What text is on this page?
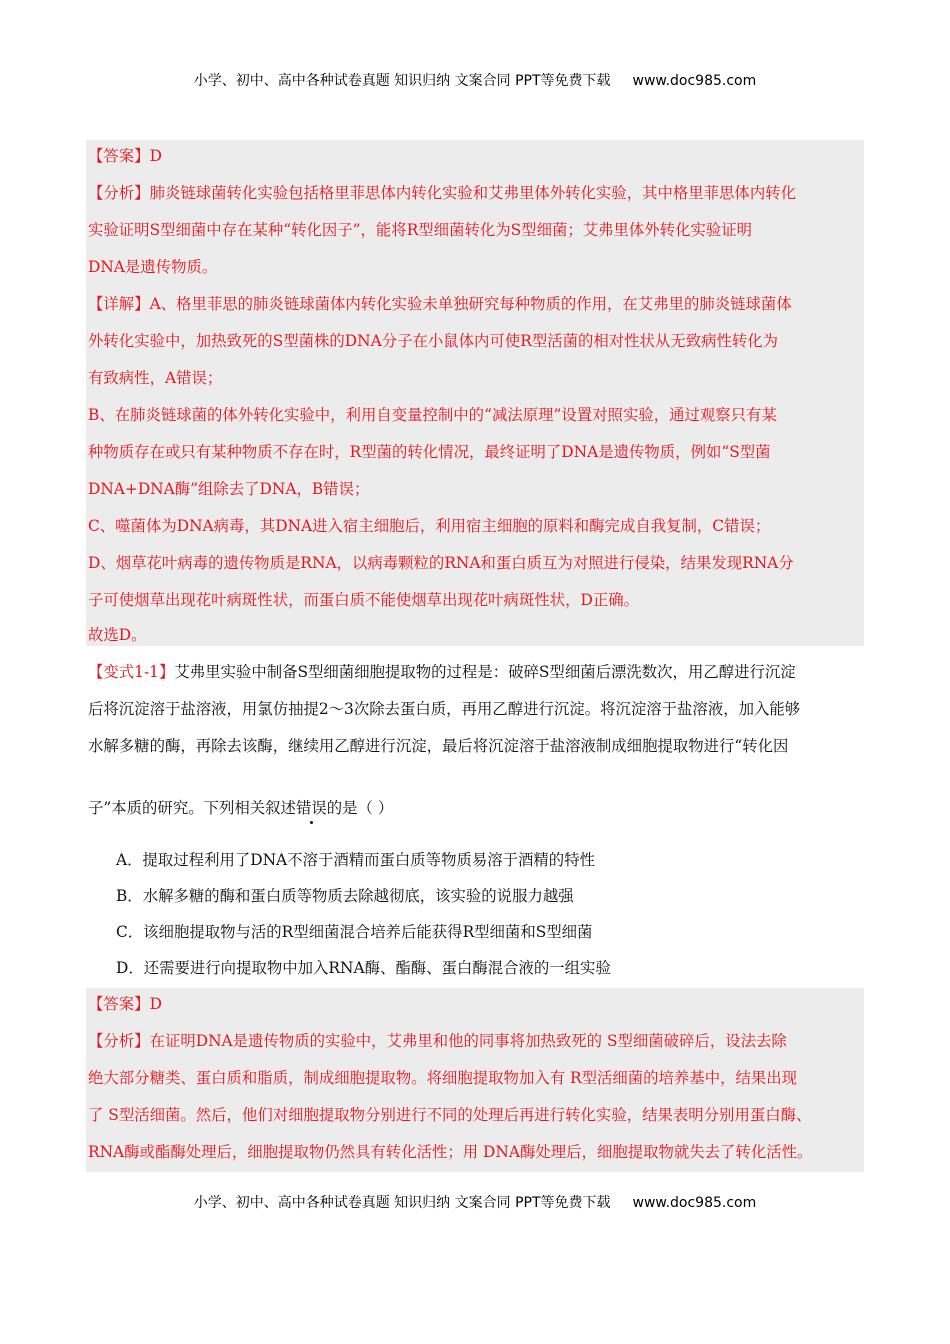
小学、初中、高中各种试卷真题 知识归纳 文案合同 PPT等免费下载 www.doc985.com
【答案】D
【分析】肺炎链球菌转化实验包括格里菲思体内转化实验和艾弗里体外转化实验，其中格里菲思体内转化
实验证明S型细菌中存在某种“转化因子”，能将R型细菌转化为S型细菌；艾弗里体外转化实验证明
DNA是遗传物质。
【详解】A、格里菲思的肺炎链球菌体内转化实验未单独研究每种物质的作用，在艾弗里的肺炎链球菌体
外转化实验中，加热致死的S型菌株的DNA分子在小鼠体内可使R型活菌的相对性状从无致病性转化为
有致病性，A错误；
B、在肺炎链球菌的体外转化实验中，利用自变量控制中的“减法原理”设置对照实验，通过观察只有某
种物质存在或只有某种物质不存在时，R型菌的转化情况，最终证明了DNA是遗传物质，例如“S型菌
DNA+DNA酶”组除去了DNA，B错误；
C、噬菌体为DNA病毒，其DNA进入宿主细胞后，利用宿主细胞的原料和酶完成自我复制，C错误；
D、烟草花叶病毒的遗传物质是RNA，以病毒颗粒的RNA和蛋白质互为对照进行侵染，结果发现RNA分
子可使烟草出现花叶病斑性状，而蛋白质不能使烟草出现花叶病斑性状，D正确。
故选D。
【变式1-1】艾弗里实验中制备S型细菌细胞提取物的过程是：破碎S型细菌后漂洗数次，用乙醇进行沉淀
后将沉淀溶于盐溶液，用氯仿抽提2～3次除去蛋白质，再用乙醇进行沉淀。将沉淀溶于盐溶液，加入能够
水解多糖的酶，再除去该酶，继续用乙醇进行沉淀，最后将沉淀溶于盐溶液制成细胞提取物进行“转化因
子”本质的研究。下列相关叙述错误的是（ ）
A．提取过程利用了DNA不溶于酒精而蛋白质等物质易溶于酒精的特性
B．水解多糖的酶和蛋白质等物质去除越彻底，该实验的说服力越强
C．该细胞提取物与活的R型细菌混合培养后能获得R型细菌和S型细菌
D．还需要进行向提取物中加入RNA酶、酯酶、蛋白酶混合液的一组实验
【答案】D
【分析】在证明DNA是遗传物质的实验中，艾弗里和他的同事将加热致死的 S型细菌破碎后，设法去除
绝大部分糖类、蛋白质和脂质，制成细胞提取物。将细胞提取物加入有 R型活细菌的培养基中，结果出现
了 S型活细菌。然后，他们对细胞提取物分别进行不同的处理后再进行转化实验，结果表明分别用蛋白酶、
RNA酶或酯酶处理后，细胞提取物仍然具有转化活性；用 DNA酶处理后，细胞提取物就失去了转化活性。
小学、初中、高中各种试卷真题 知识归纳 文案合同 PPT等免费下载 www.doc985.com
